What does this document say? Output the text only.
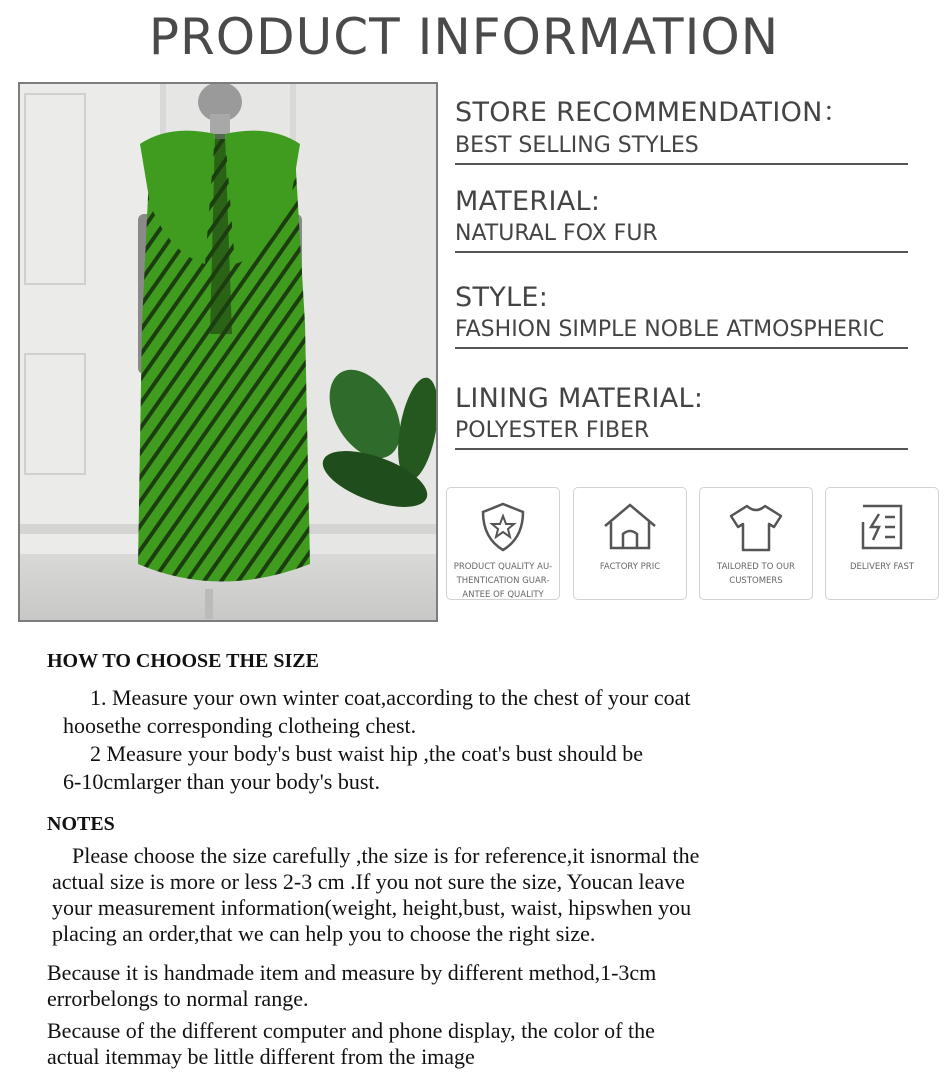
PRODUCT INFORMATION
STORE RECOMMENDATION：
BEST SELLING STYLES
MATERIAL:
NATURAL FOX FUR
STYLE:
FASHION SIMPLE NOBLE ATMOSPHERIC
LINING MATERIAL:
POLYESTER FIBER
PRODUCT QUALITY AU-THENTICATION GUAR-ANTEE OF QUALITY
FACTORY PRIC	TAILORED TO OUR CUSTOMERS
DELIVERY FAST
HOW TO CHOOSE THE SIZE
1. Measure your own winter coat,according to the chest of your coat
hoosethe corresponding clotheing chest.
2 Measure your body's bust waist hip ,the coat's bust should be
6-10cmlarger than your body's bust.
NOTES
Please choose the size carefully ,the size is for reference,it isnormal the
actual size is more or less 2-3 cm .If you not sure the size, Youcan leave
your measurement information(weight, height,bust, waist, hipswhen you
placing an order,that we can help you to choose the right size.
Because it is handmade item and measure by different method,1-3cm
errorbelongs to normal range.
Because of the different computer and phone display, the color of the
actual itemmay be little different from the image
